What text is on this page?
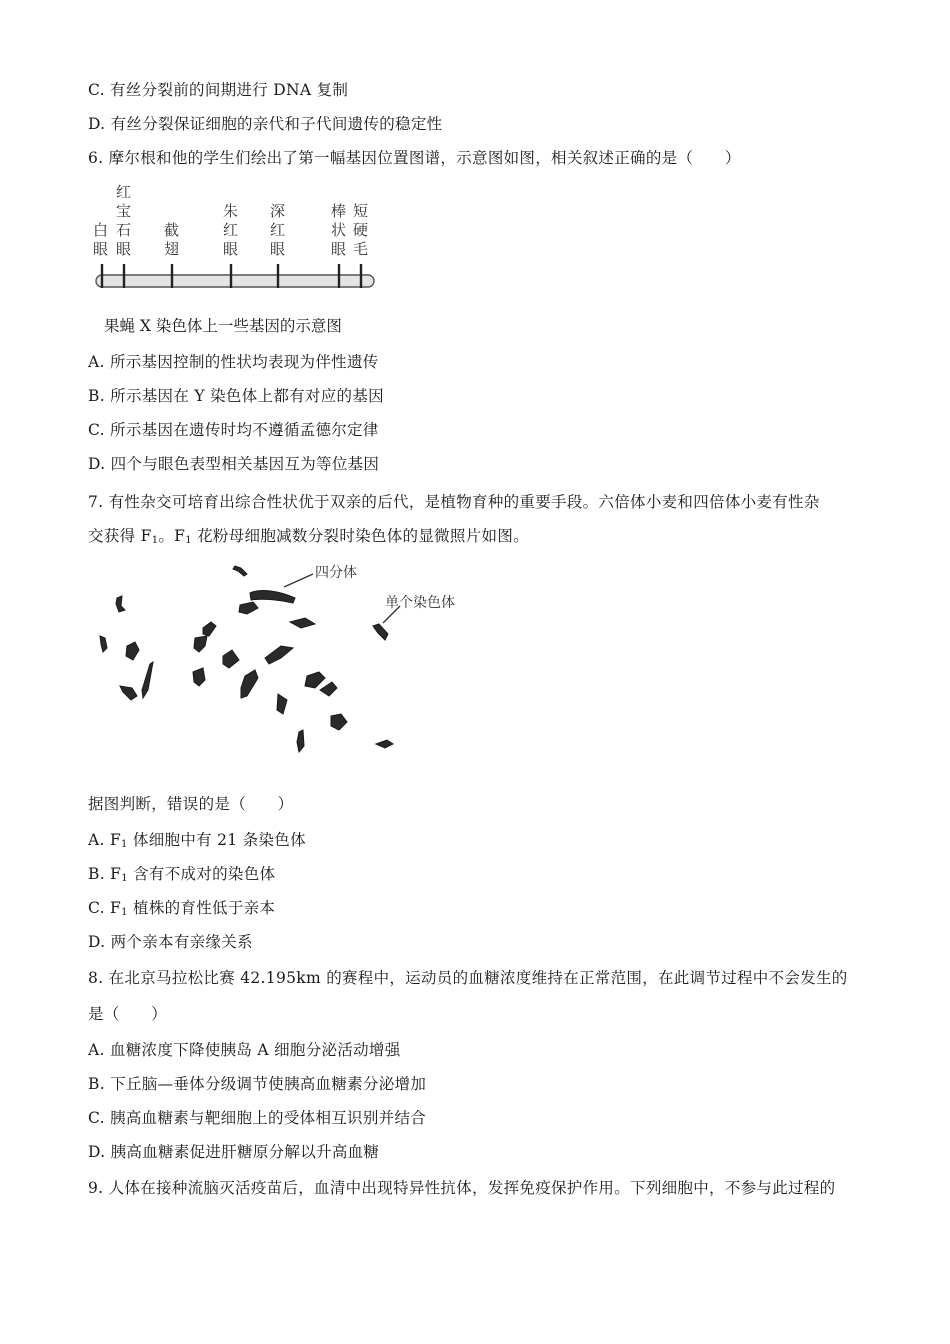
C. 有丝分裂前的间期进行 DNA 复制
D. 有丝分裂保证细胞的亲代和子代间遗传的稳定性
6. 摩尔根和他的学生们绘出了第一幅基因位置图谱，示意图如图，相关叙述正确的是（　　）
白
眼
红
宝
石
眼
截
翅
朱
红
眼
深
红
眼
棒
状
眼
短
硬
毛
果蝇 X 染色体上一些基因的示意图
A. 所示基因控制的性状均表现为伴性遗传
B. 所示基因在 Y 染色体上都有对应的基因
C. 所示基因在遗传时均不遵循孟德尔定律
D. 四个与眼色表型相关基因互为等位基因
7. 有性杂交可培育出综合性状优于双亲的后代，是植物育种的重要手段。六倍体小麦和四倍体小麦有性杂
交获得 $F_1$。$F_1$ 花粉母细胞减数分裂时染色体的显微照片如图。
四分体
单个染色体
据图判断，错误的是（　　）
A. $F_1$ 体细胞中有 21 条染色体
B. $F_1$ 含有不成对的染色体
C. $F_1$ 植株的育性低于亲本
D. 两个亲本有亲缘关系
8. 在北京马拉松比赛 42.195km 的赛程中，运动员的血糖浓度维持在正常范围，在此调节过程中不会发生的
是（　　）
A. 血糖浓度下降使胰岛 A 细胞分泌活动增强
B. 下丘脑—垂体分级调节使胰高血糖素分泌增加
C. 胰高血糖素与靶细胞上的受体相互识别并结合
D. 胰高血糖素促进肝糖原分解以升高血糖
9. 人体在接种流脑灭活疫苗后，血清中出现特异性抗体，发挥免疫保护作用。下列细胞中，不参与此过程的
